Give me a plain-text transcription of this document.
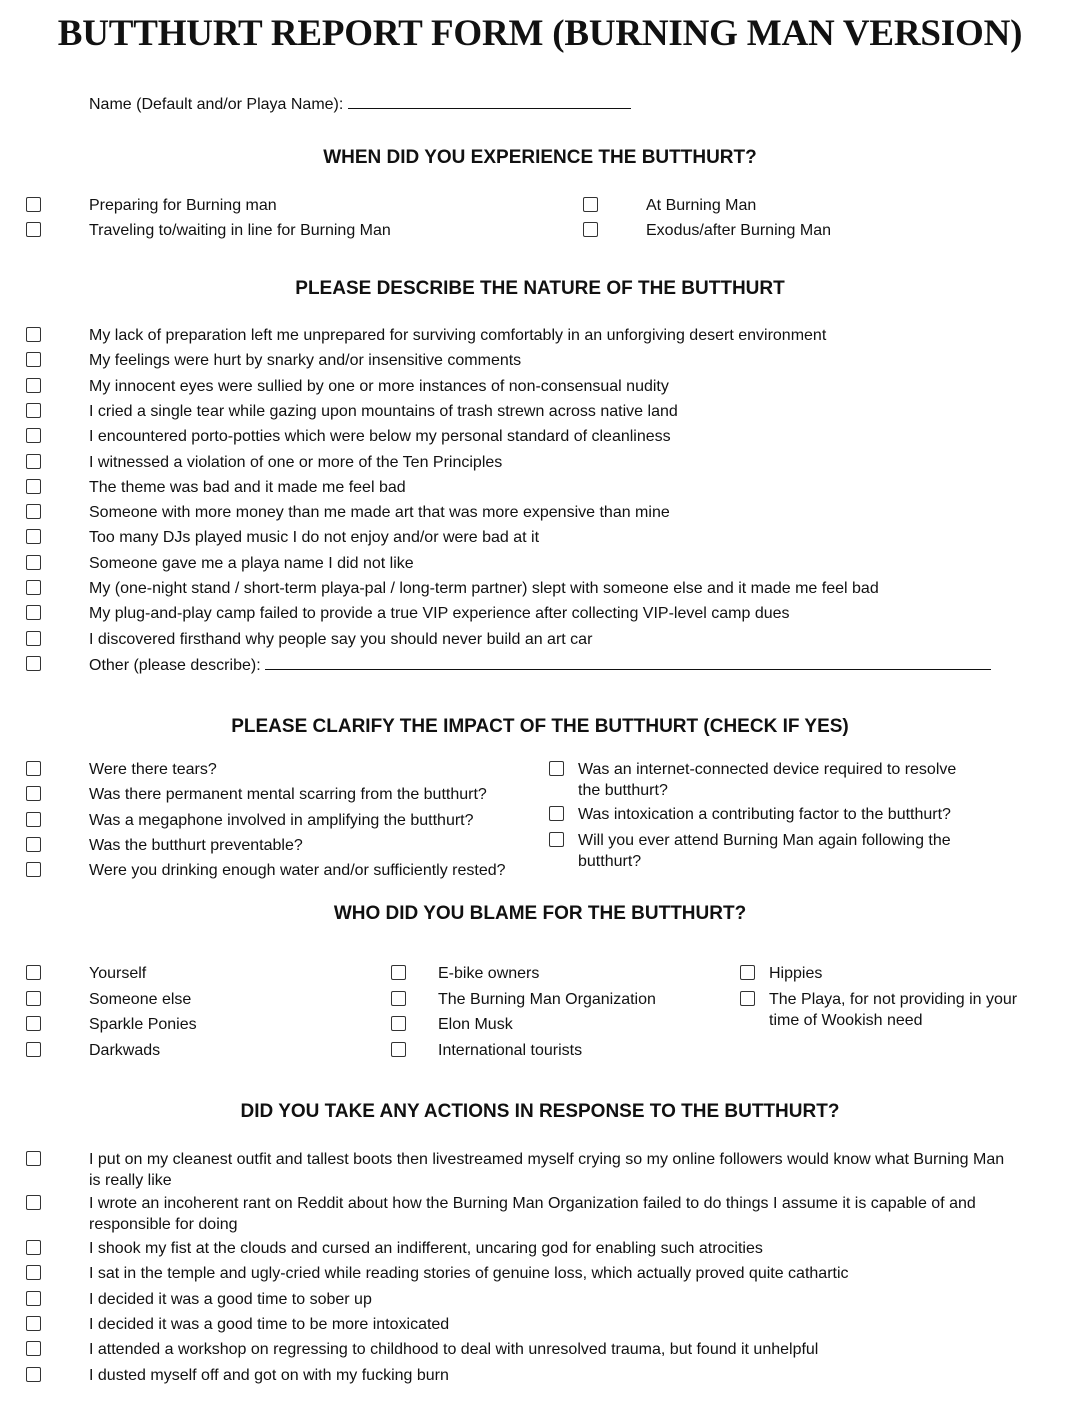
BUTTHURT REPORT FORM (BURNING MAN VERSION)
Name (Default and/or Playa Name):
WHEN DID YOU EXPERIENCE THE BUTTHURT?
Preparing for Burning man
Traveling to/waiting in line for Burning Man
At Burning Man
Exodus/after Burning Man
PLEASE DESCRIBE THE NATURE OF THE BUTTHURT
My lack of preparation left me unprepared for surviving comfortably in an unforgiving desert environment
My feelings were hurt by snarky and/or insensitive comments
My innocent eyes were sullied by one or more instances of non-consensual nudity
I cried a single tear while gazing upon mountains of trash strewn across native land
I encountered porto-potties which were below my personal standard of cleanliness
I witnessed a violation of one or more of the Ten Principles
The theme was bad and it made me feel bad
Someone with more money than me made art that was more expensive than mine
Too many DJs played music I do not enjoy and/or were bad at it
Someone gave me a playa name I did not like
My (one-night stand / short-term playa-pal / long-term partner) slept with someone else and it made me feel bad
My plug-and-play camp failed to provide a true VIP experience after collecting VIP-level camp dues
I discovered firsthand why people say you should never build an art car
Other (please describe):
PLEASE CLARIFY THE IMPACT OF THE BUTTHURT (CHECK IF YES)
Were there tears?
Was there permanent mental scarring from the butthurt?
Was a megaphone involved in amplifying the butthurt?
Was the butthurt preventable?
Were you drinking enough water and/or sufficiently rested?
Was an internet-connected device required to resolve
the butthurt?
Was intoxication a contributing factor to the butthurt?
Will you ever attend Burning Man again following the
butthurt?
WHO DID YOU BLAME FOR THE BUTTHURT?
Yourself
Someone else
Sparkle Ponies
Darkwads
E-bike owners
The Burning Man Organization
Elon Musk
International tourists
Hippies
The Playa, for not providing in your
time of Wookish need
DID YOU TAKE ANY ACTIONS IN RESPONSE TO THE BUTTHURT?
I put on my cleanest outfit and tallest boots then livestreamed myself crying so my online followers would know what Burning Man
is really like
I wrote an incoherent rant on Reddit about how the Burning Man Organization failed to do things I assume it is capable of and
responsible for doing
I shook my fist at the clouds and cursed an indifferent, uncaring god for enabling such atrocities
I sat in the temple and ugly-cried while reading stories of genuine loss, which actually proved quite cathartic
I decided it was a good time to sober up
I decided it was a good time to be more intoxicated
I attended a workshop on regressing to childhood to deal with unresolved trauma, but found it unhelpful
I dusted myself off and got on with my fucking burn
